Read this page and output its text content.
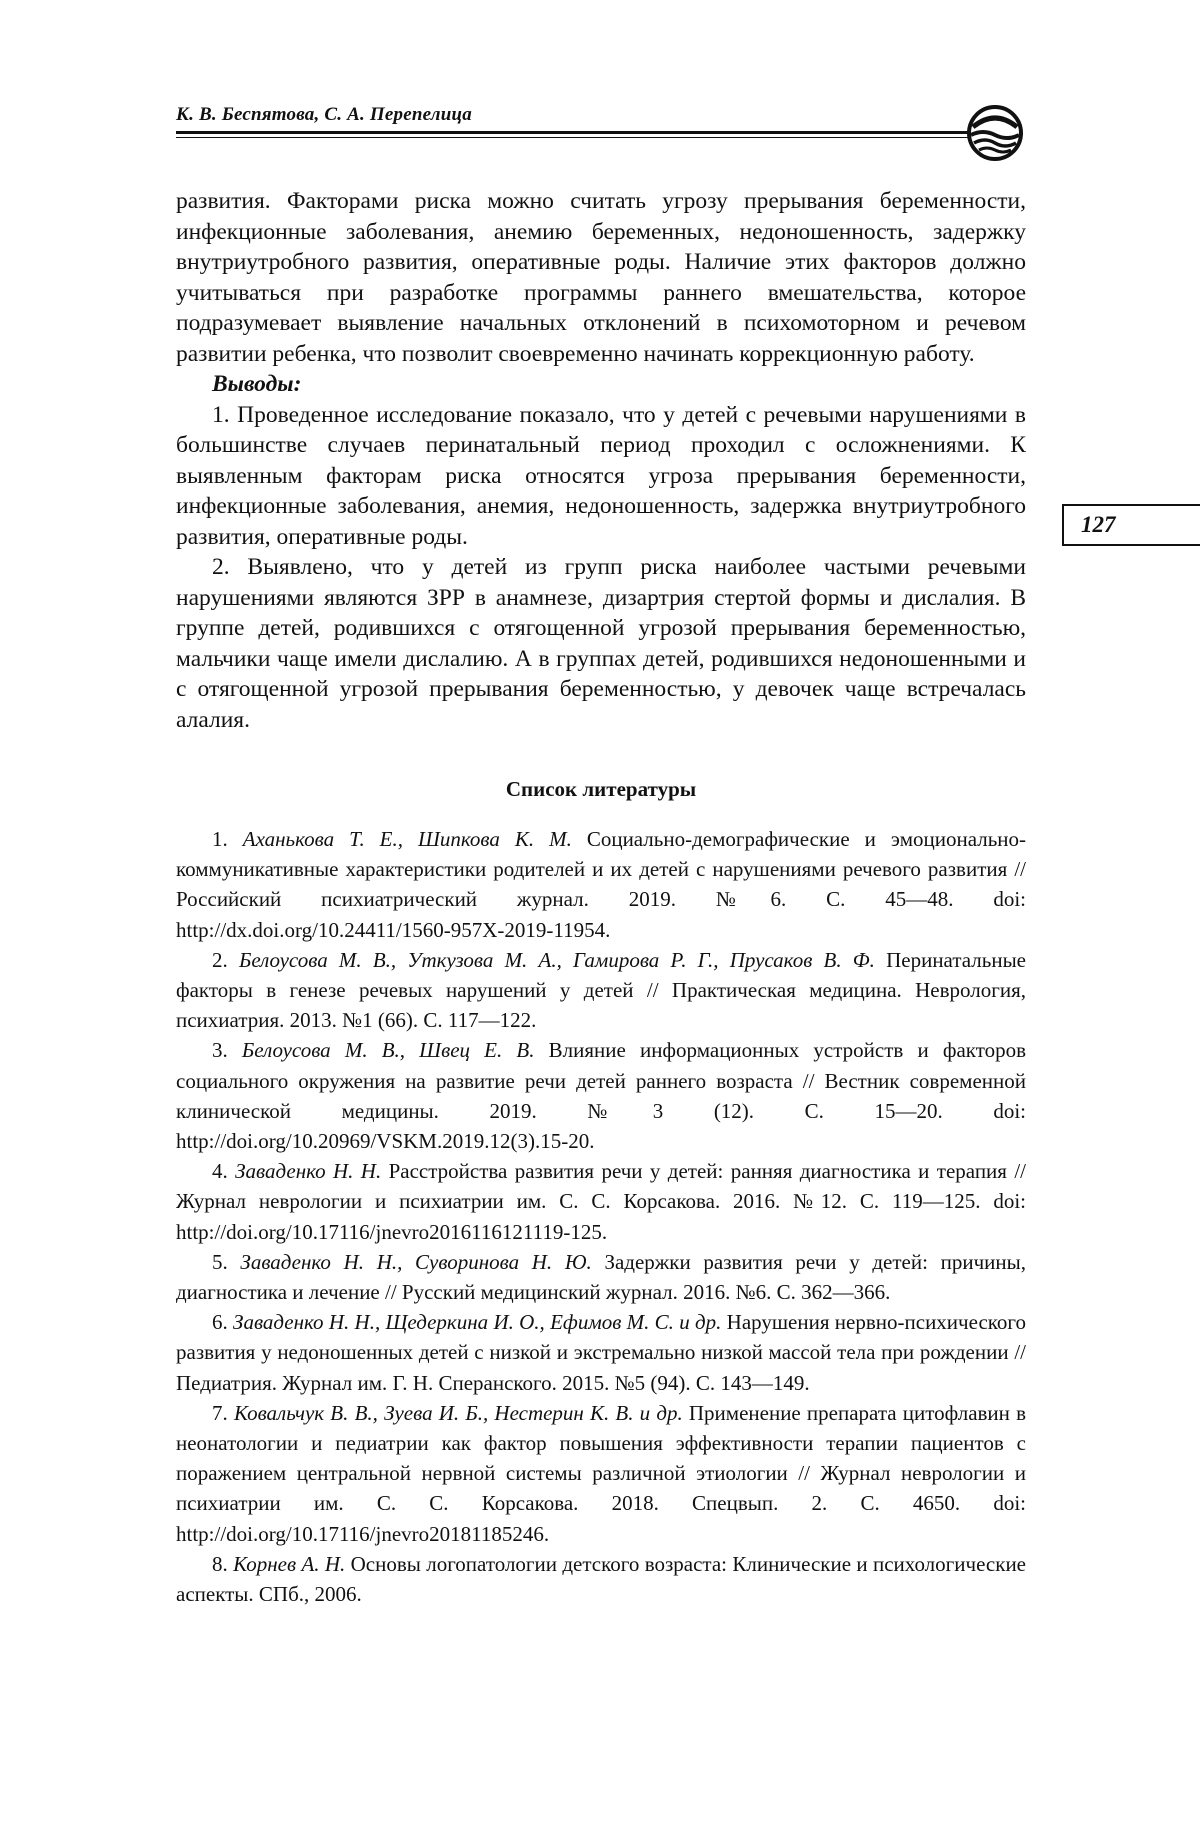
К. В. Беспятова, С. А. Перепелица
127

развития. Факторами риска можно считать угрозу прерывания беременности, инфекционные заболевания, анемию беременных, недоношенность, задержку внутриутробного развития, оперативные роды. Наличие этих факторов должно учитываться при разработке программы раннего вмешательства, которое подразумевает выявление начальных отклонений в психомоторном и речевом развитии ребенка, что позволит своевременно начинать коррекционную работу.

Выводы:

1. Проведенное исследование показало, что у детей с речевыми нарушениями в большинстве случаев перинатальный период проходил с осложнениями. К выявленным факторам риска относятся угроза прерывания беременности, инфекционные заболевания, анемия, недоношенность, задержка внутриутробного развития, оперативные роды.

2. Выявлено, что у детей из групп риска наиболее частыми речевыми нарушениями являются ЗРР в анамнезе, дизартрия стертой формы и дислалия. В группе детей, родившихся с отягощенной угрозой прерывания беременностью, мальчики чаще имели дислалию. А в группах детей, родившихся недоношенными и с отягощенной угрозой прерывания беременностью, у девочек чаще встречалась алалия.

Список литературы

1. Аханькова Т. Е., Шипкова К. М. Социально-демографические и эмоционально-коммуникативные характеристики родителей и их детей с нарушениями речевого развития // Российский психиатрический журнал. 2019. №6. С. 45—48. doi: http://dx.doi.org/10.24411/1560-957X-2019-11954.

2. Белоусова М. В., Уткузова М. А., Гамирова Р. Г., Прусаков В. Ф. Перинатальные факторы в генезе речевых нарушений у детей // Практическая медицина. Неврология, психиатрия. 2013. №1 (66). С. 117—122.

3. Белоусова М. В., Швец Е. В. Влияние информационных устройств и факторов социального окружения на развитие речи детей раннего возраста // Вестник современной клинической медицины. 2019. №3 (12). С. 15—20. doi: http://doi.org/10.20969/VSKM.2019.12(3).15-20.

4. Заваденко Н. Н. Расстройства развития речи у детей: ранняя диагностика и терапия // Журнал неврологии и психиатрии им. С. С. Корсакова. 2016. №12. С. 119—125. doi: http://doi.org/10.17116/jnevro2016116121119-125.

5. Заваденко Н. Н., Суворинова Н. Ю. Задержки развития речи у детей: причины, диагностика и лечение // Русский медицинский журнал. 2016. №6. С. 362—366.

6. Заваденко Н. Н., Щедеркина И. О., Ефимов М. С. и др. Нарушения нервно-психического развития у недоношенных детей с низкой и экстремально низкой массой тела при рождении // Педиатрия. Журнал им. Г. Н. Сперанского. 2015. №5 (94). С. 143—149.

7. Ковальчук В. В., Зуева И. Б., Нестерин К. В. и др. Применение препарата цитофлавин в неонатологии и педиатрии как фактор повышения эффективности терапии пациентов с поражением центральной нервной системы различной этиологии // Журнал неврологии и психиатрии им. С. С. Корсакова. 2018. Спецвып. 2. С. 4650. doi: http://doi.org/10.17116/jnevro20181185246.

8. Корнев А. Н. Основы логопатологии детского возраста: Клинические и психологические аспекты. СПб., 2006.
